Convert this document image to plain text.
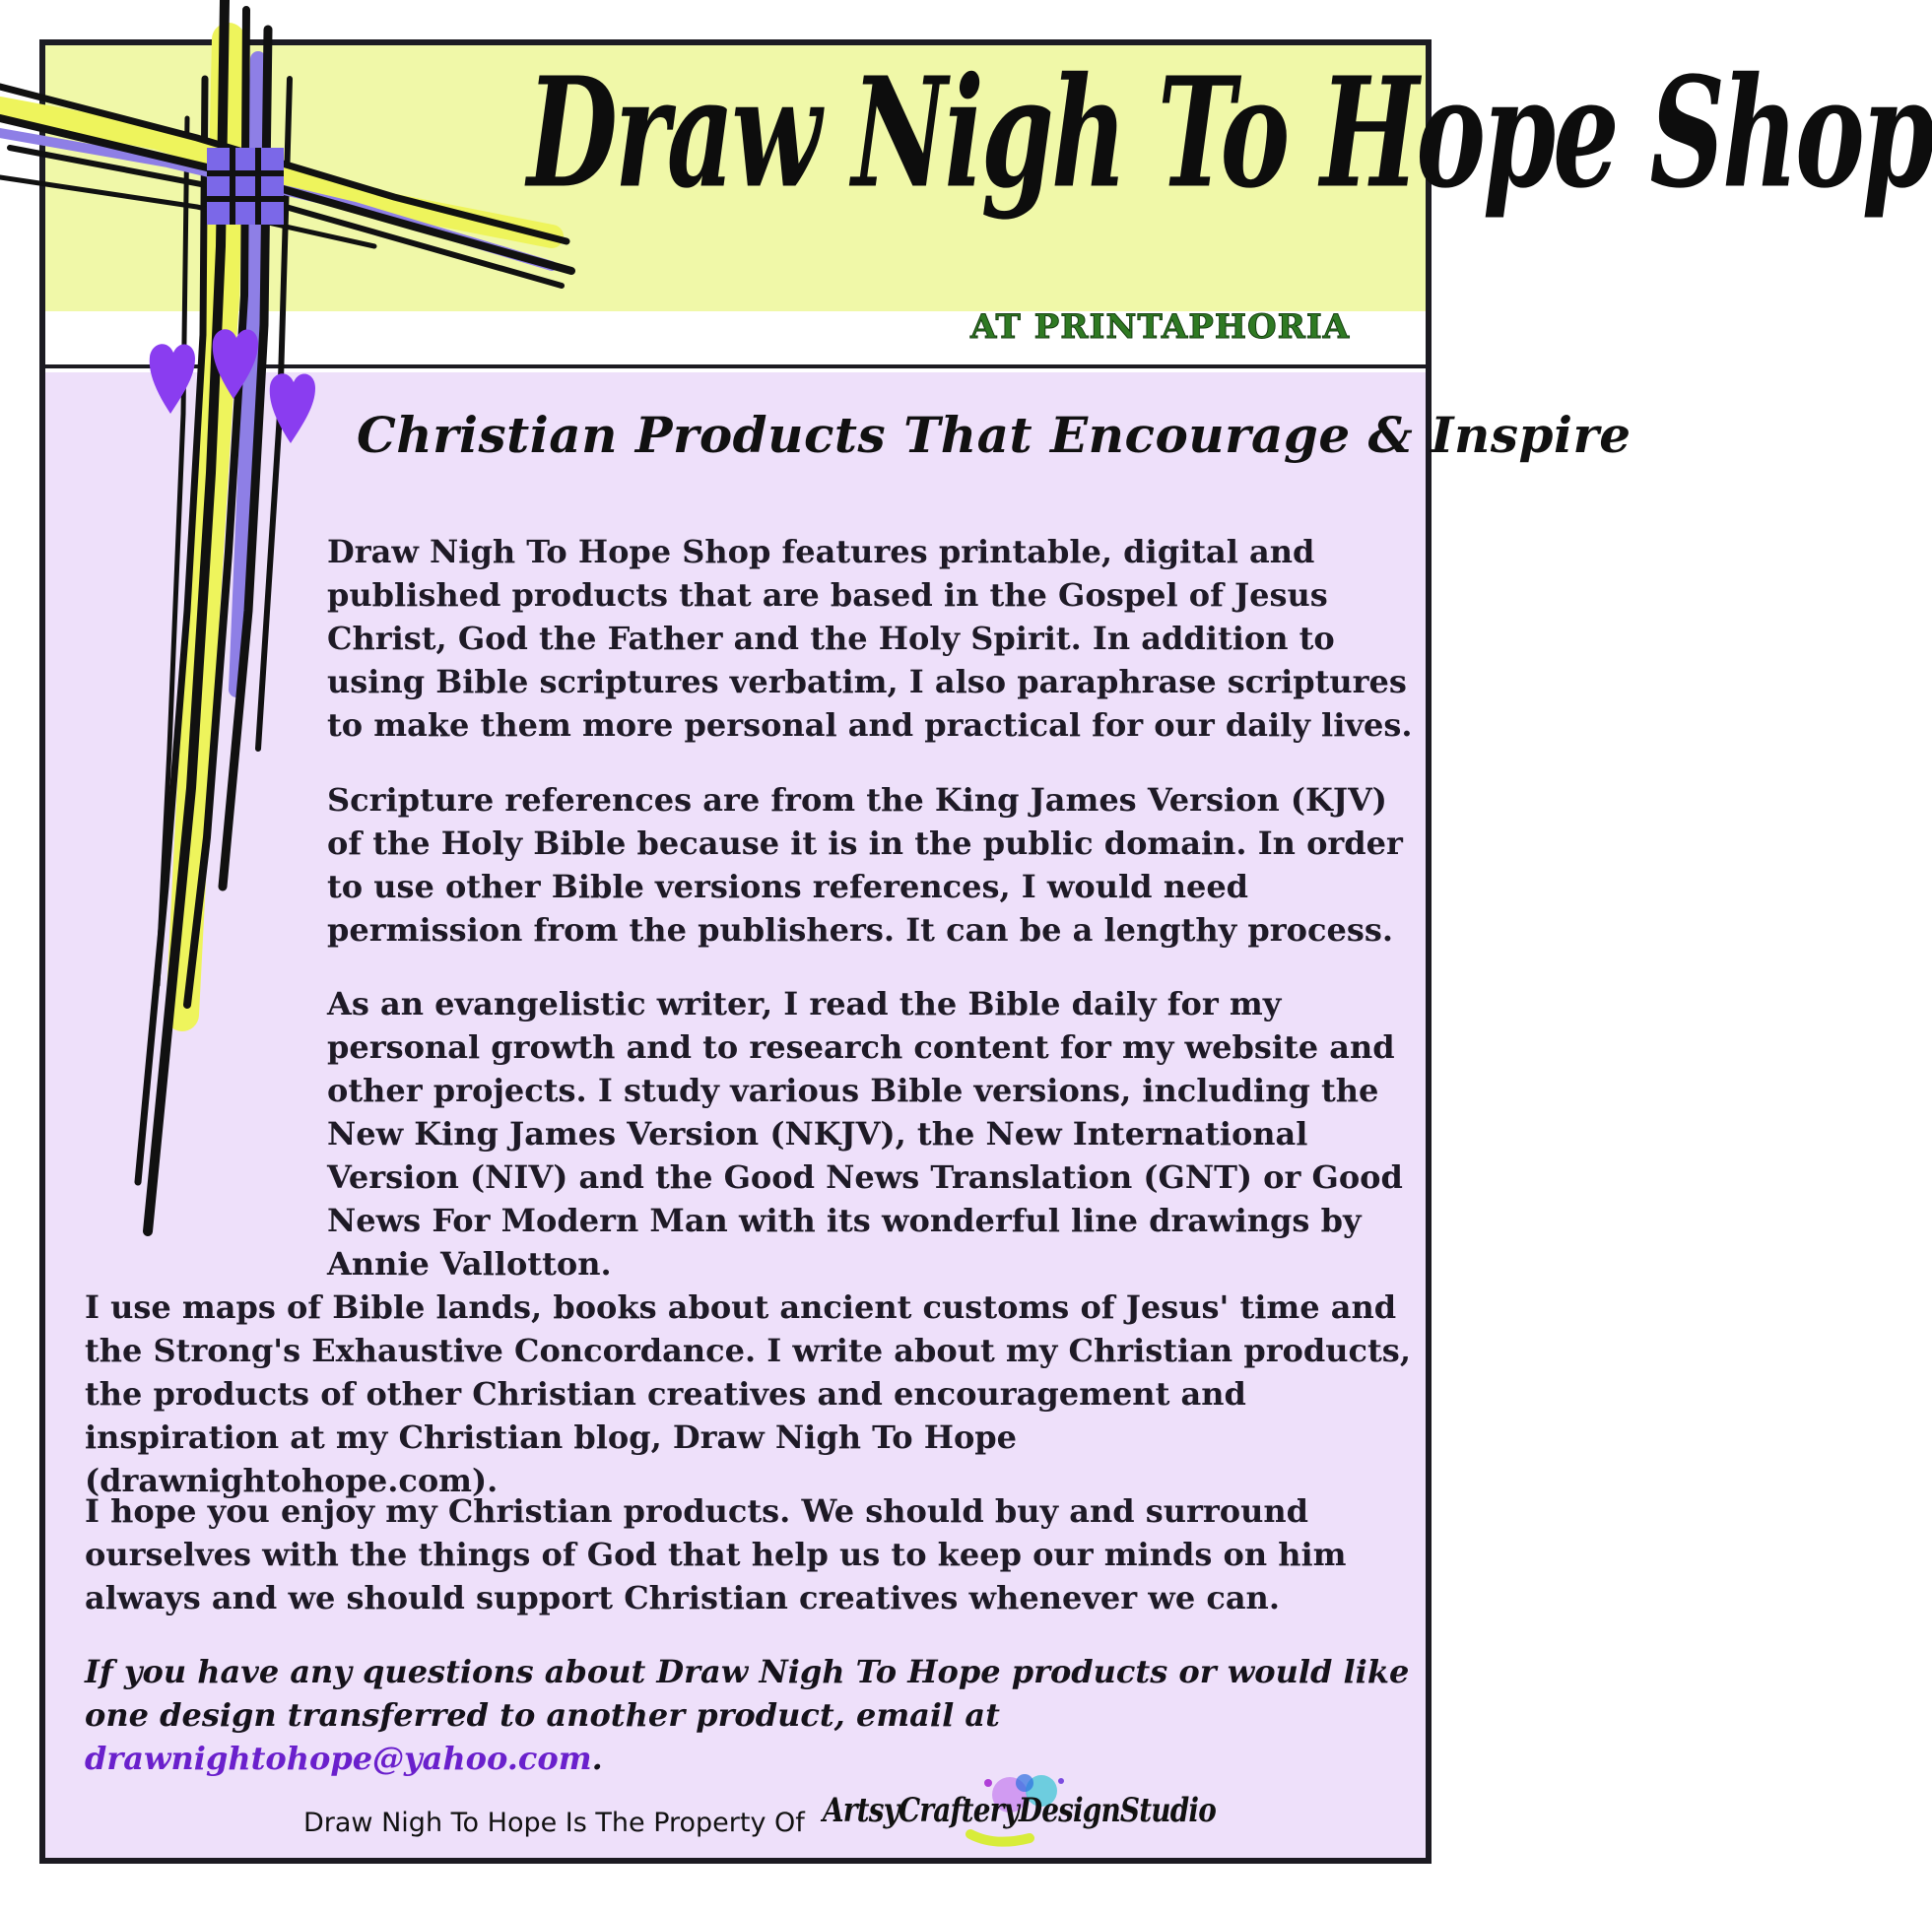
Draw Nigh To Hope Shop
AT PRINTAPHORIA
Christian Products That Encourage & Inspire

Draw Nigh To Hope Shop features printable, digital and published products that are based in the Gospel of Jesus Christ, God the Father and the Holy Spirit. In addition to using Bible scriptures verbatim, I also paraphrase scriptures to make them more personal and practical for our daily lives.

Scripture references are from the King James Version (KJV) of the Holy Bible because it is in the public domain. In order to use other Bible versions references, I would need permission from the publishers. It can be a lengthy process.

As an evangelistic writer, I read the Bible daily for my personal growth and to research content for my website and other projects. I study various Bible versions, including the New King James Version (NKJV), the New International Version (NIV) and the Good News Translation (GNT) or Good News For Modern Man with its wonderful line drawings by Annie Vallotton.

I use maps of Bible lands, books about ancient customs of Jesus' time and the Strong's Exhaustive Concordance. I write about my Christian products, the products of other Christian creatives and encouragement and inspiration at my Christian blog, Draw Nigh To Hope (drawnightohope.com).

I hope you enjoy my Christian products. We should buy and surround ourselves with the things of God that help us to keep our minds on him always and we should support Christian creatives whenever we can.

If you have any questions about Draw Nigh To Hope products or would like one design transferred to another product, email at drawnightohope@yahoo.com.

Draw Nigh To Hope Is The Property Of ArtsyCrafteryDesignStudio
